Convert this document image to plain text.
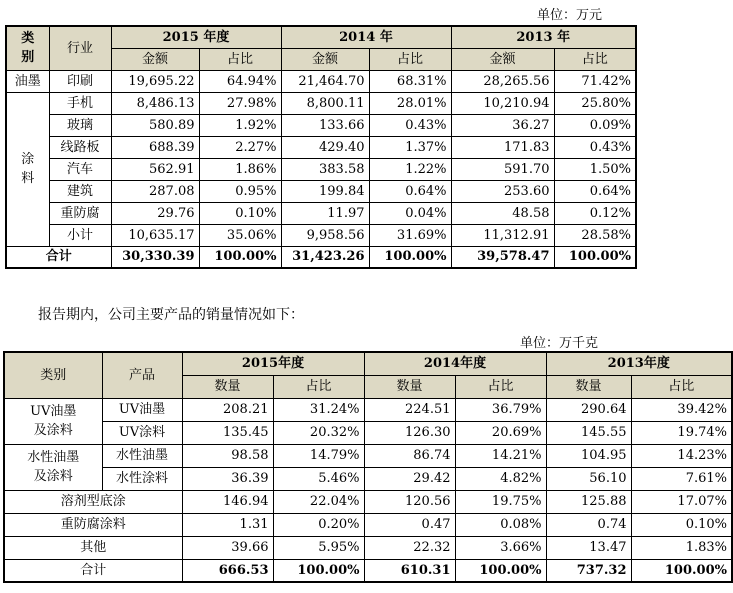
单位：万元
类
别	行业	2015 年度		2014 年		2013 年	
		金额	占比	金额	占比	金额	占比
油墨	印刷	19,695.22	64.94%	21,464.70	68.31%	28,265.56	71.42%

涂
料	手机	8,486.13	27.98%	8,800.11	28.01%	10,210.94	25.80%
	玻璃	580.89	1.92%	133.66	0.43%	36.27	0.09%
	线路板	688.39	2.27%	429.40	1.37%	171.83	0.43%
	汽车	562.91	1.86%	383.58	1.22%	591.70	1.50%
	建筑	287.08	0.95%	199.84	0.64%	253.60	0.64%
	重防腐	29.76	0.10%	11.97	0.04%	48.58	0.12%
	小计	10,635.17	35.06%	9,958.56	31.69%	11,312.91	28.58%
合计		30,330.39	100.00%	31,423.26	100.00%	39,578.47	100.00%
报告期内，公司主要产品的销量情况如下：
单位：万千克
类别	产品	2015年度		2014年度		2013年度	
		数量	占比	数量	占比	数量	占比

UV油墨
及涂料	UV油墨	208.21	31.24%	224.51	36.79%	290.64	39.42%
	UV涂料	135.45	20.32%	126.30	20.69%	145.55	19.74%

水性油墨
及涂料	水性油墨	98.58	14.79%	86.74	14.21%	104.95	14.23%
	水性涂料	36.39	5.46%	29.42	4.82%	56.10	7.61%
溶剂型底涂		146.94	22.04%	120.56	19.75%	125.88	17.07%
重防腐涂料		1.31	0.20%	0.47	0.08%	0.74	0.10%
其他		39.66	5.95%	22.32	3.66%	13.47	1.83%
合计		666.53	100.00%	610.31	100.00%	737.32	100.00%
